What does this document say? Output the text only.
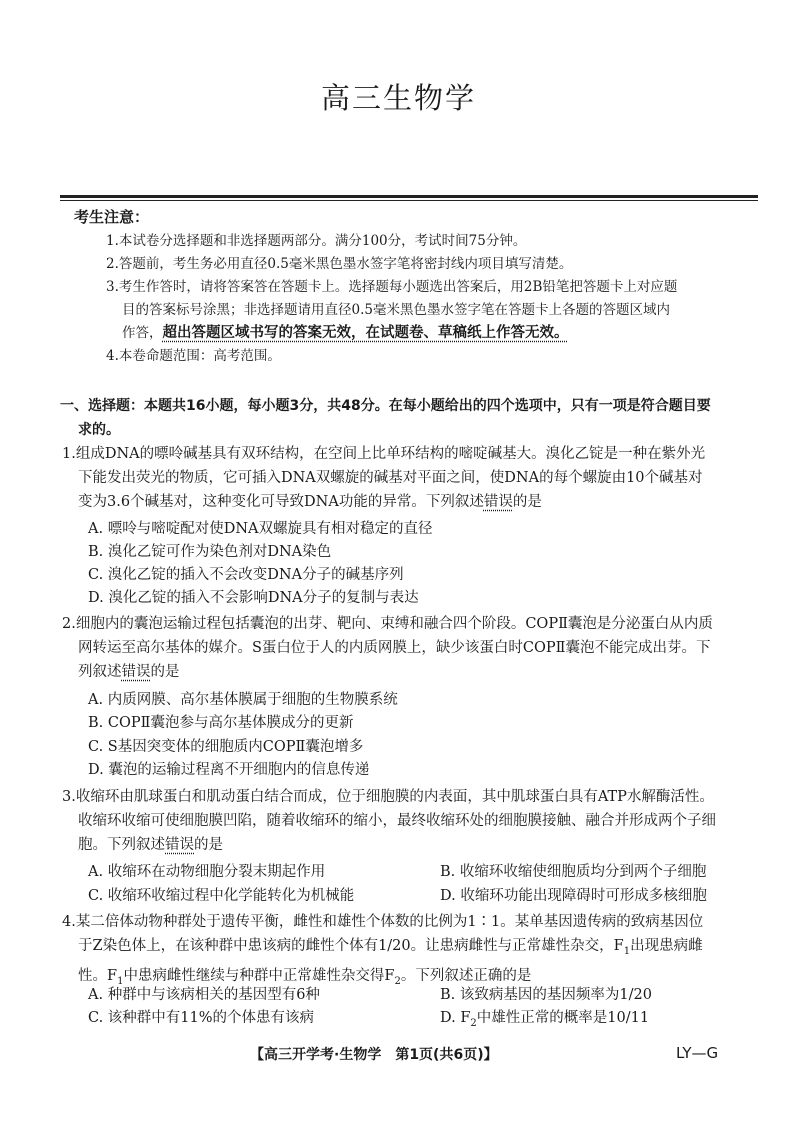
高三生物学
考生注意：
1.本试卷分选择题和非选择题两部分。满分100分，考试时间75分钟。
2.答题前，考生务必用直径0.5毫米黑色墨水签字笔将密封线内项目填写清楚。
3.考生作答时，请将答案答在答题卡上。选择题每小题选出答案后，用2B铅笔把答题卡上对应题
目的答案标号涂黑；非选择题请用直径0.5毫米黑色墨水签字笔在答题卡上各题的答题区域内
作答，超出答题区域书写的答案无效，在试题卷、草稿纸上作答无效。
4.本卷命题范围：高考范围。
一、选择题：本题共16小题，每小题3分，共48分。在每小题给出的四个选项中，只有一项是符合题目要
求的。
1.组成DNA的嘌呤碱基具有双环结构，在空间上比单环结构的嘧啶碱基大。溴化乙锭是一种在紫外光
下能发出荧光的物质，它可插入DNA双螺旋的碱基对平面之间，使DNA的每个螺旋由10个碱基对
变为3.6个碱基对，这种变化可导致DNA功能的异常。下列叙述错误的是
A. 嘌呤与嘧啶配对使DNA双螺旋具有相对稳定的直径
B. 溴化乙锭可作为染色剂对DNA染色
C. 溴化乙锭的插入不会改变DNA分子的碱基序列
D. 溴化乙锭的插入不会影响DNA分子的复制与表达
2.细胞内的囊泡运输过程包括囊泡的出芽、靶向、束缚和融合四个阶段。COPⅡ囊泡是分泌蛋白从内质
网转运至高尔基体的媒介。S蛋白位于人的内质网膜上，缺少该蛋白时COPⅡ囊泡不能完成出芽。下
列叙述错误的是
A. 内质网膜、高尔基体膜属于细胞的生物膜系统
B. COPⅡ囊泡参与高尔基体膜成分的更新
C. S基因突变体的细胞质内COPⅡ囊泡增多
D. 囊泡的运输过程离不开细胞内的信息传递
3.收缩环由肌球蛋白和肌动蛋白结合而成，位于细胞膜的内表面，其中肌球蛋白具有ATP水解酶活性。
收缩环收缩可使细胞膜凹陷，随着收缩环的缩小，最终收缩环处的细胞膜接触、融合并形成两个子细
胞。下列叙述错误的是
A. 收缩环在动物细胞分裂末期起作用	B. 收缩环收缩使细胞质均分到两个子细胞
C. 收缩环收缩过程中化学能转化为机械能	D. 收缩环功能出现障碍时可形成多核细胞
4.某二倍体动物种群处于遗传平衡，雌性和雄性个体数的比例为1∶1。某单基因遗传病的致病基因位
于Z染色体上，在该种群中患该病的雌性个体有1/20。让患病雌性与正常雄性杂交，$F_1$出现患病雌
性。$F_1$中患病雌性继续与种群中正常雄性杂交得$F_2$。下列叙述正确的是
A. 种群中与该病相关的基因型有6种	B. 该致病基因的基因频率为1/20
C. 该种群中有11%的个体患有该病	D. $F_2$中雄性正常的概率是10/11
【高三开学考·生物学　第1页(共6页)】	LY—G
